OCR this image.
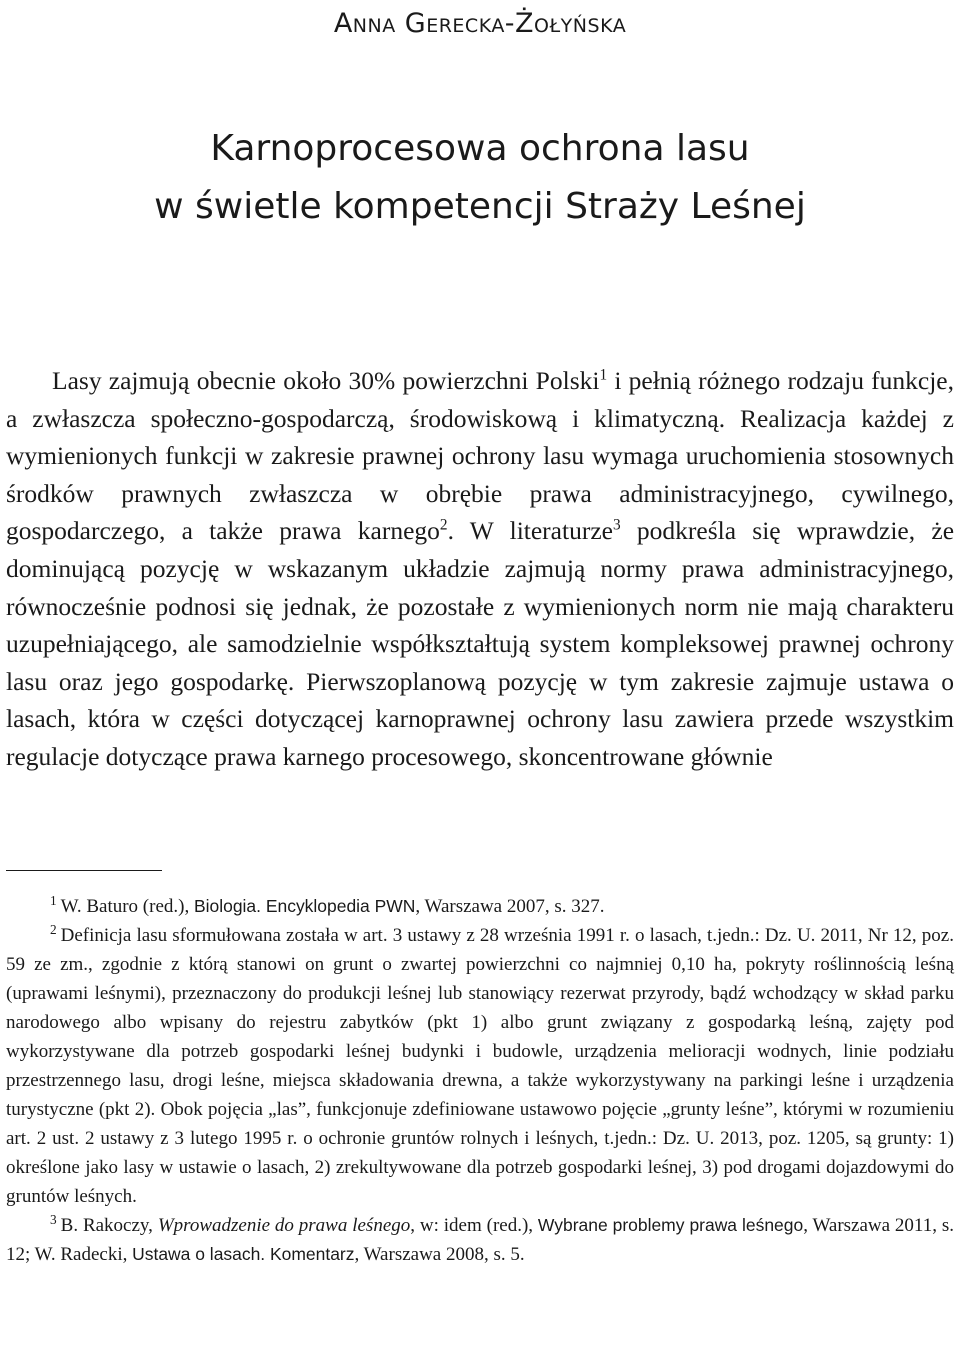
Anna Gerecka-Żołyńska
Karnoprocesowa ochrona lasu
w świetle kompetencji Straży Leśnej

Lasy zajmują obecnie około 30% powierzchni Polski$^1$ i pełnią różnego rodzaju funkcje, a zwłaszcza społeczno-gospodarczą, środowiskową i klimatyczną. Realizacja każdej z wymienionych funkcji w zakresie prawnej ochrony lasu wymaga uruchomienia stosownych środków prawnych zwłaszcza w obrębie prawa administracyjnego, cywilnego, gospodarczego, a także prawa karnego$^2$. W literaturze$^3$ podkreśla się wprawdzie, że dominującą pozycję w wskazanym układzie zajmują normy prawa administracyjnego, równocześnie podnosi się jednak, że pozostałe z wymienionych norm nie mają charakteru uzupełniającego, ale samodzielnie współkształtują system kompleksowej prawnej ochrony lasu oraz jego gospodarkę. Pierwszoplanową pozycję w tym zakresie zajmuje ustawa o lasach, która w części dotyczącej karnoprawnej ochrony lasu zawiera przede wszystkim regulacje dotyczące prawa karnego procesowego, skoncentrowane głównie

$^1$ W. Baturo (red.), Biologia. Encyklopedia PWN, Warszawa 2007, s. 327.

$^2$ Definicja lasu sformułowana została w art. 3 ustawy z 28 września 1991 r. o lasach, t.jedn.: Dz. U. 2011, Nr 12, poz. 59 ze zm., zgodnie z którą stanowi on grunt o zwartej powierzchni co najmniej 0,10 ha, pokryty roślinnością leśną (uprawami leśnymi), przeznaczony do produkcji leśnej lub stanowiący rezerwat przyrody, bądź wchodzący w skład parku narodowego albo wpisany do rejestru zabytków (pkt 1) albo grunt związany z gospodarką leśną, zajęty pod wykorzystywane dla potrzeb gospodarki leśnej budynki i budowle, urządzenia melioracji wodnych, linie podziału przestrzennego lasu, drogi leśne, miejsca składowania drewna, a także wykorzystywany na parkingi leśne i urządzenia turystyczne (pkt 2). Obok pojęcia „las”, funkcjonuje zdefiniowane ustawowo pojęcie „grunty leśne”, którymi w rozumieniu art. 2 ust. 2 ustawy z 3 lutego 1995 r. o ochronie gruntów rolnych i leśnych, t.jedn.: Dz. U. 2013, poz. 1205, są grunty: 1) określone jako lasy w ustawie o lasach, 2) zrekultywowane dla potrzeb gospodarki leśnej, 3) pod drogami dojazdowymi do gruntów leśnych.

$^3$ B. Rakoczy, Wprowadzenie do prawa leśnego, w: idem (red.), Wybrane problemy prawa leśnego, Warszawa 2011, s. 12; W. Radecki, Ustawa o lasach. Komentarz, Warszawa 2008, s. 5.
